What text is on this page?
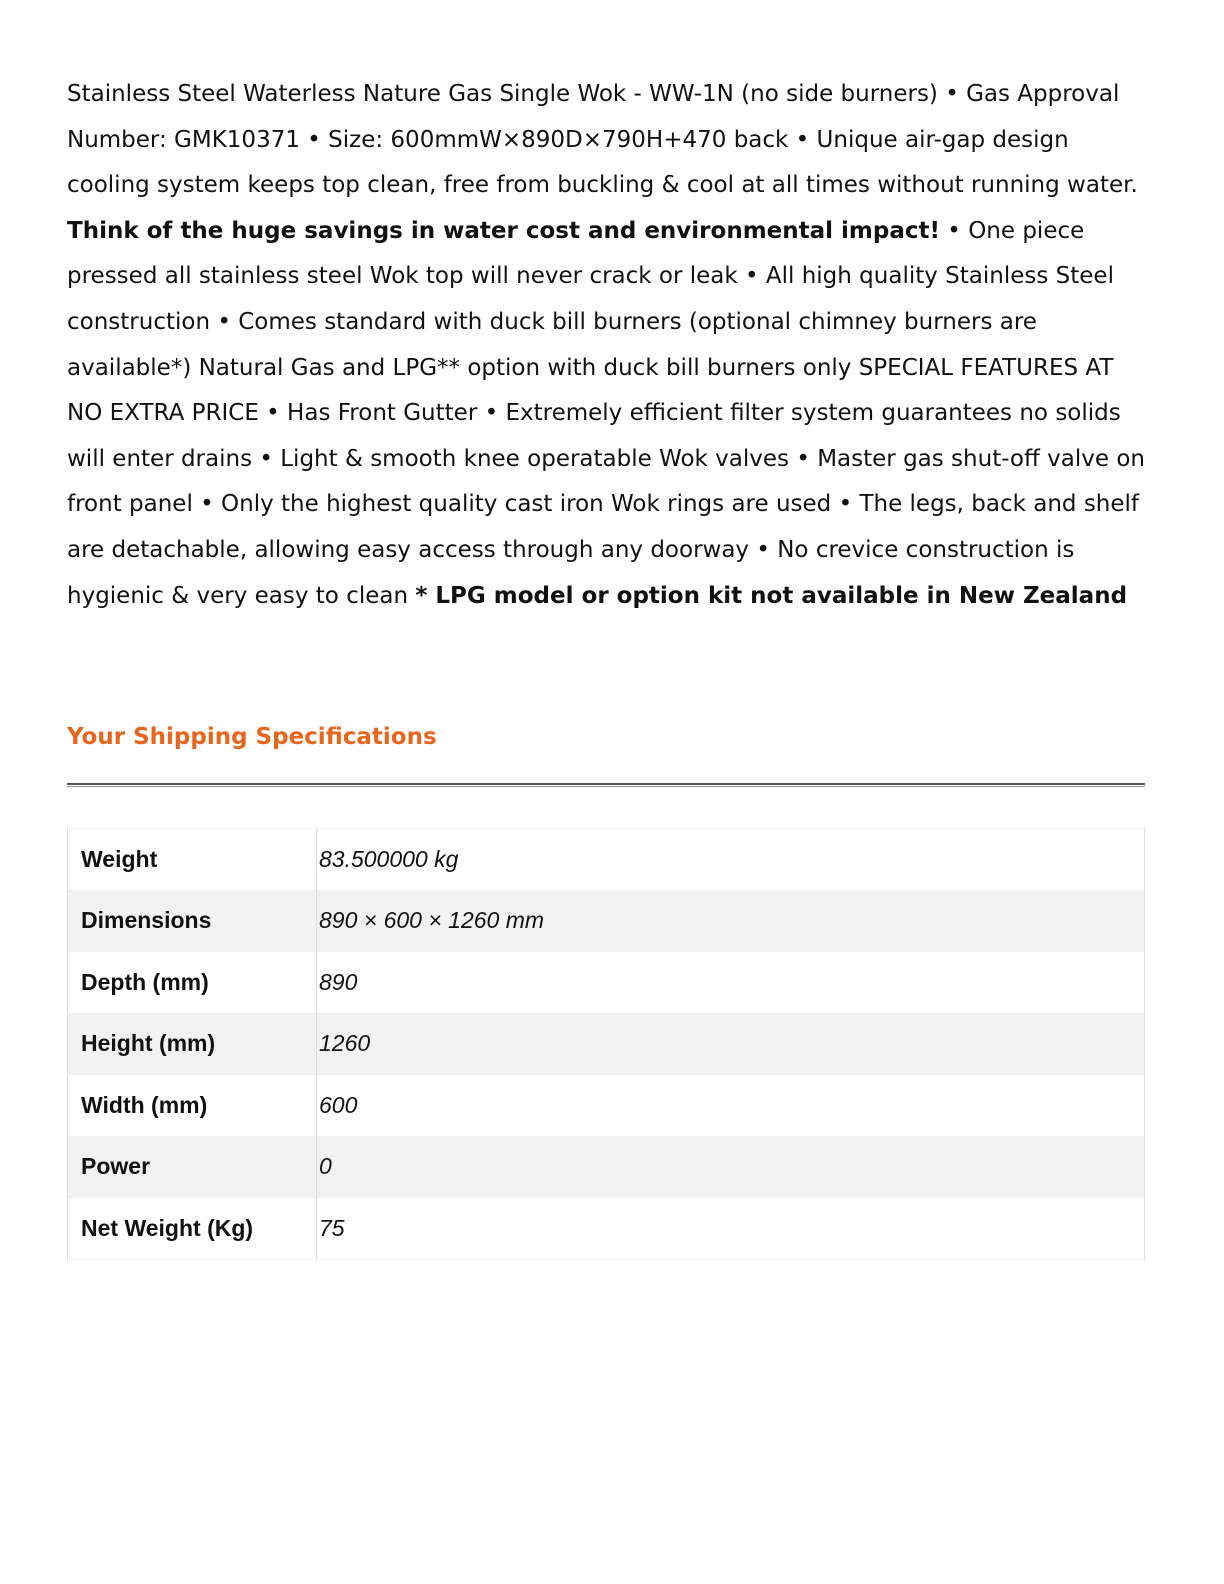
Stainless Steel Waterless Nature Gas Single Wok - WW-1N (no side burners) • Gas Approval Number: GMK10371 • Size: 600mmW×890D×790H+470 back • Unique air-gap design cooling system keeps top clean, free from buckling & cool at all times without running water. Think of the huge savings in water cost and environmental impact! • One piece pressed all stainless steel Wok top will never crack or leak • All high quality Stainless Steel construction • Comes standard with duck bill burners (optional chimney burners are available*) Natural Gas and LPG** option with duck bill burners only SPECIAL FEATURES AT NO EXTRA PRICE • Has Front Gutter • Extremely efficient filter system guarantees no solids will enter drains • Light & smooth knee operatable Wok valves • Master gas shut-off valve on front panel • Only the highest quality cast iron Wok rings are used • The legs, back and shelf are detachable, allowing easy access through any doorway • No crevice construction is hygienic & very easy to clean * LPG model or option kit not available in New Zealand

Your Shipping Specifications
Weight	83.500000 kg
Dimensions	890 × 600 × 1260 mm
Depth (mm)	890
Height (mm)	1260
Width (mm)	600
Power	0
Net Weight (Kg)	75
